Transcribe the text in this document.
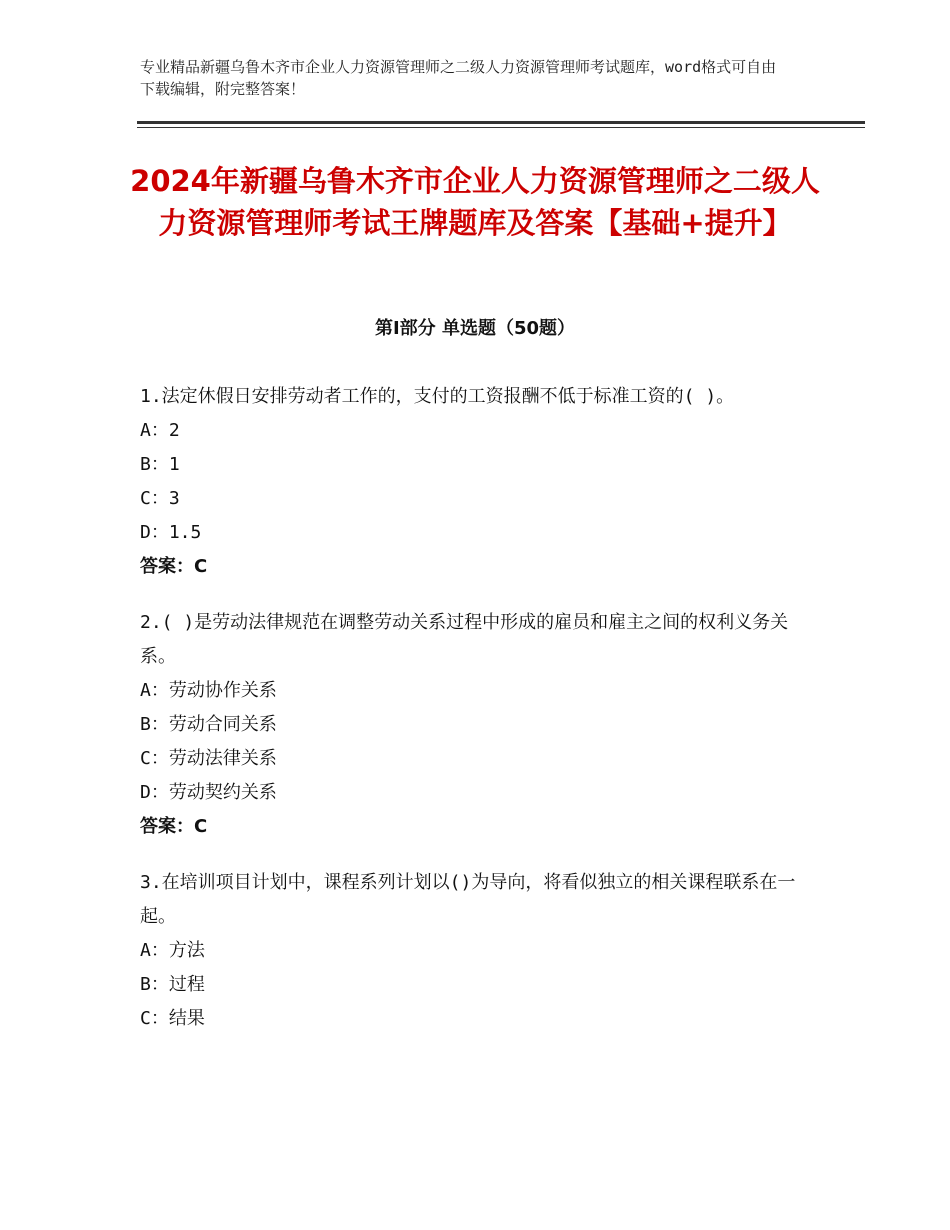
专业精品新疆乌鲁木齐市企业人力资源管理师之二级人力资源管理师考试题库，word格式可自由下载编辑，附完整答案！
2024年新疆乌鲁木齐市企业人力资源管理师之二级人力资源管理师考试王牌题库及答案【基础+提升】
第Ⅰ部分 单选题（50题）

1.法定休假日安排劳动者工作的，支付的工资报酬不低于标准工资的( )。

A：2

B：1

C：3

D：1.5

答案：C

2.( )是劳动法律规范在调整劳动关系过程中形成的雇员和雇主之间的权利义务关系。

A：劳动协作关系

B：劳动合同关系

C：劳动法律关系

D：劳动契约关系

答案：C

3.在培训项目计划中，课程系列计划以()为导向，将看似独立的相关课程联系在一起。

A：方法

B：过程

C：结果
